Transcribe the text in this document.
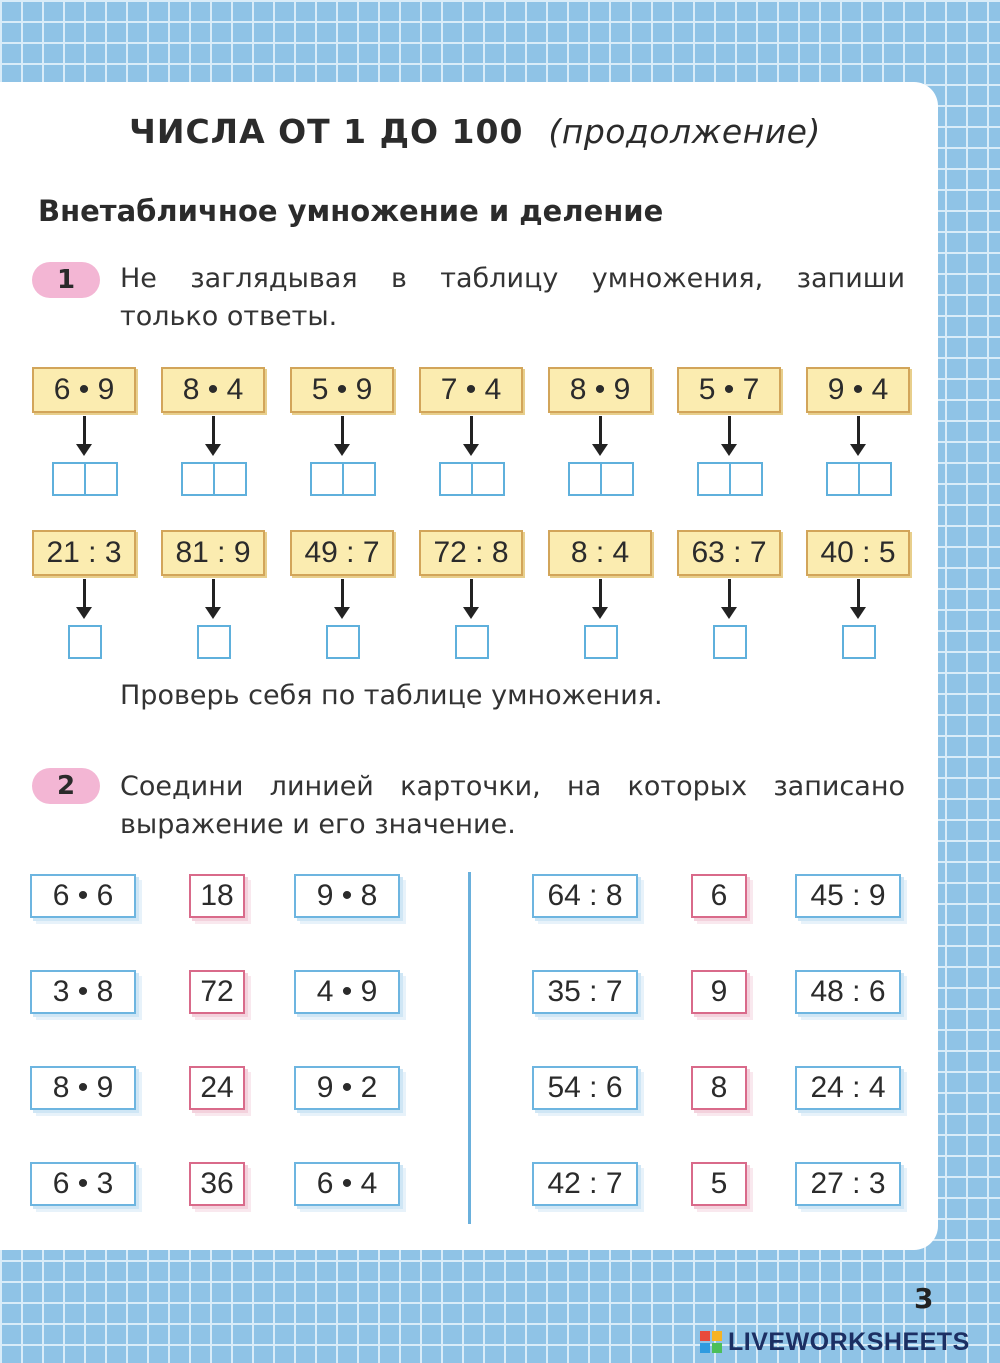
ЧИСЛА ОТ 1 ДО 100 (продолжение)
Внетабличное умножение и деление
1	Не заглядывая в таблицу умножения, запиши
только ответы.
6 • 9	8 • 4	5 • 9	7 • 4	8 • 9	5 • 7	9 • 4
21 : 3	81 : 9	49 : 7	72 : 8	8 : 4	63 : 7	40 : 5
Проверь себя по таблице умножения.
2	Соедини линией карточки, на которых записано
выражение и его значение.
6 • 6	18	9 • 8
3 • 8	72	4 • 9
8 • 9	24	9 • 2
6 • 3	36	6 • 4
64 : 8	6	45 : 9
35 : 7	9	48 : 6
54 : 6	8	24 : 4
42 : 7	5	27 : 3
3
LIVEWORKSHEETS
